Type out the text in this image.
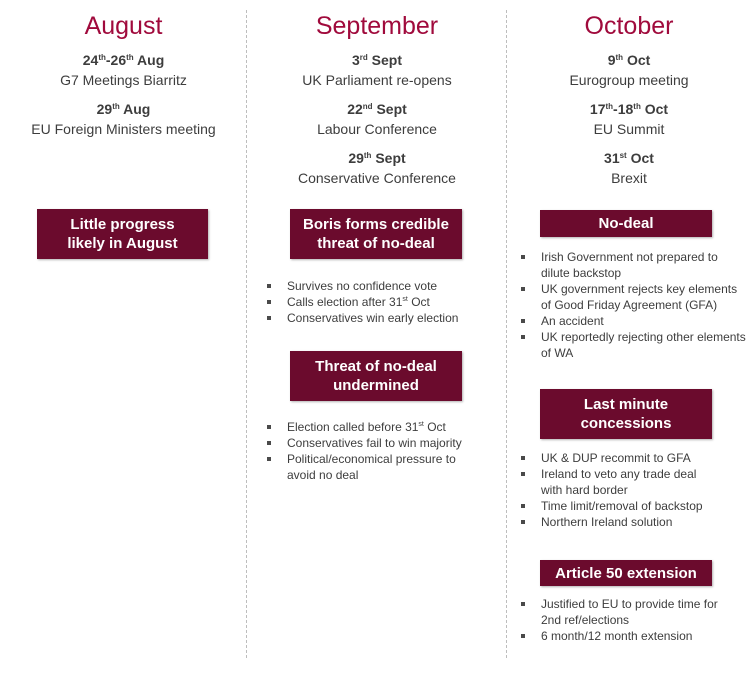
August
24th-26th Aug
G7 Meetings Biarritz
29th Aug
EU Foreign Ministers meeting
Little progress likely in August
September
3rd Sept
UK Parliament re-opens
22nd Sept
Labour Conference
29th Sept
Conservative Conference
Boris forms credible threat of no-deal
Survives no confidence vote
Calls election after 31st Oct
Conservatives win early election
Threat of no-deal undermined
Election called before 31st Oct
Conservatives fail to win majority
Political/economical pressure to avoid no deal
October
9th Oct
Eurogroup meeting
17th-18th Oct
EU Summit
31st Oct
Brexit
No-deal
Irish Government not prepared to dilute backstop
UK government rejects key elements of Good Friday Agreement (GFA)
An accident
UK reportedly rejecting other elements of WA
Last minute concessions
UK & DUP recommit to GFA
Ireland to veto any trade deal with hard border
Time limit/removal of backstop
Northern Ireland solution
Article 50 extension
Justified to EU to provide time for 2nd ref/elections
6 month/12 month extension
